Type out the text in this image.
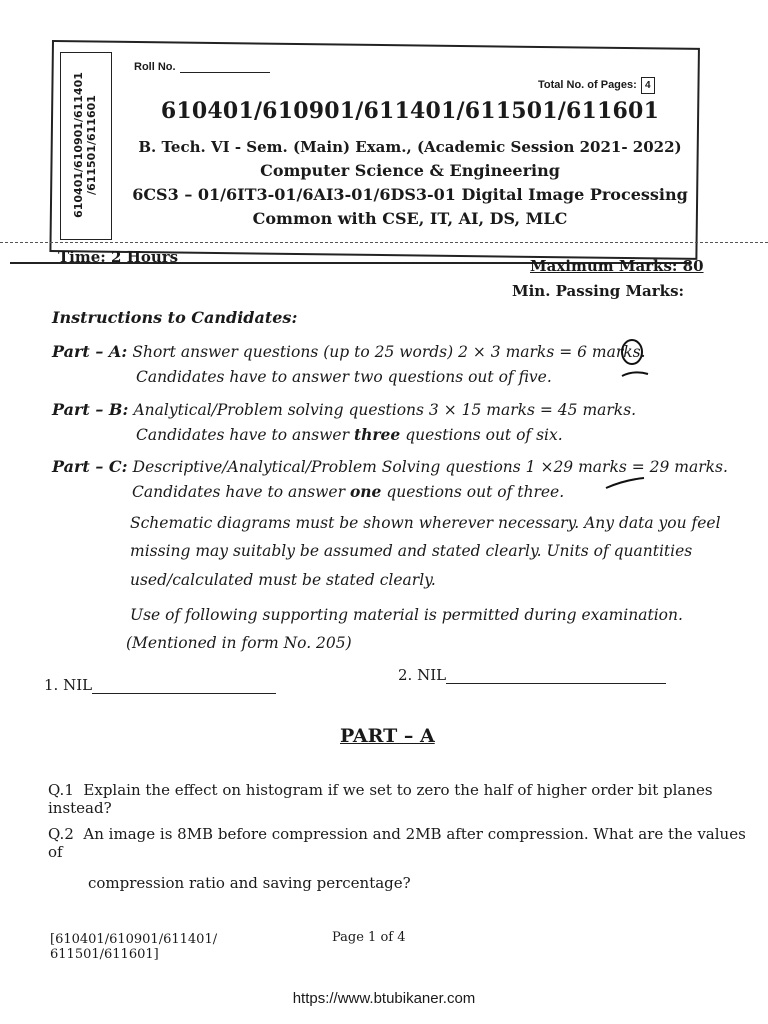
610401/610901/611401 /611501/611601
Roll No.
Total No. of Pages: 4
610401/610901/611401/611501/611601
B. Tech. VI - Sem. (Main) Exam., (Academic Session 2021- 2022)
Computer Science & Engineering
6CS3 – 01/6IT3-01/6AI3-01/6DS3-01 Digital Image Processing
Common with CSE, IT, AI, DS, MLC
Time: 2 Hours	Maximum Marks: 80
Min. Passing Marks:
Instructions to Candidates:
Part – A: Short answer questions (up to 25 words) 2 × 3 marks = 6 marks.
Candidates have to answer two questions out of five.
Part – B: Analytical/Problem solving questions 3 × 15 marks = 45 marks.
Candidates have to answer three questions out of six.
Part – C: Descriptive/Analytical/Problem Solving questions 1 ×29 marks = 29 marks.
Candidates have to answer one questions out of three.
Schematic diagrams must be shown wherever necessary. Any data you feel
missing may suitably be assumed and stated clearly. Units of quantities
used/calculated must be stated clearly.
Use of following supporting material is permitted during examination.
(Mentioned in form No. 205)
1. NIL
2. NIL
PART – A
Q.1 Explain the effect on histogram if we set to zero the half of higher order bit planes instead?
Q.2 An image is 8MB before compression and 2MB after compression. What are the values of
compression ratio and saving percentage?
[610401/610901/611401/
611501/611601]
Page 1 of 4
https://www.btubikaner.com
